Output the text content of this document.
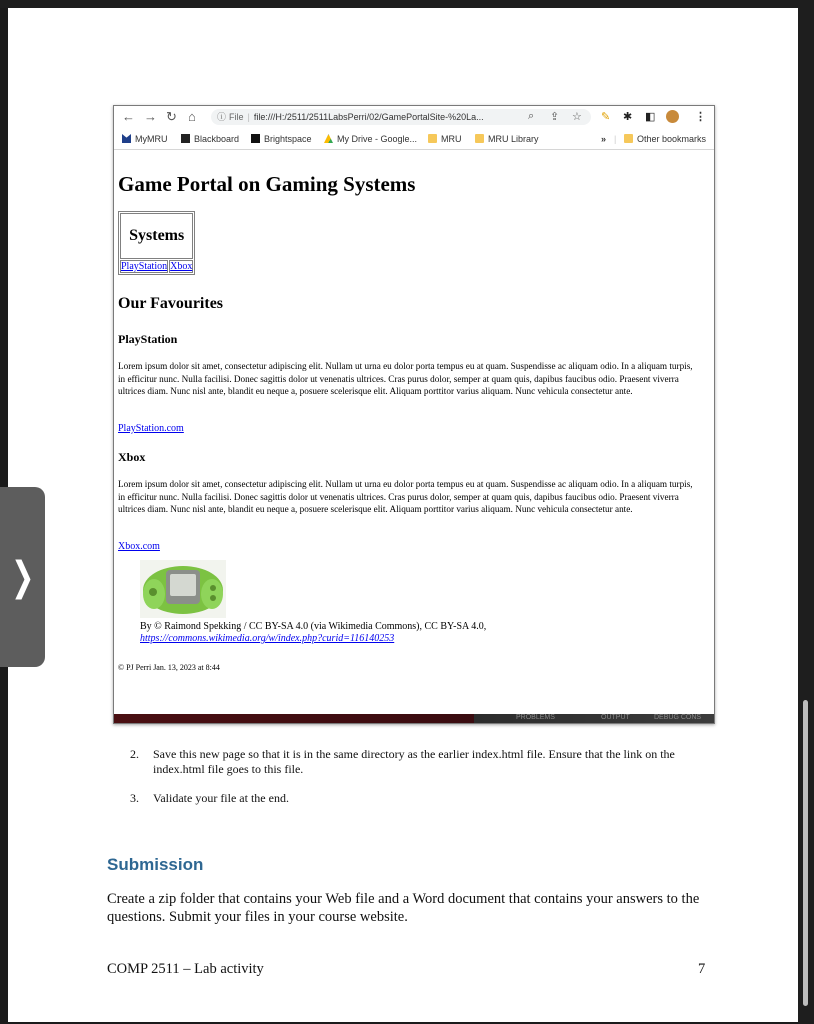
← → ↻ ⌂	ⓘ File | file:///H:/2511/2511LabsPerri/02/GamePortalSite-%20La...	⌕ ⇪ ☆ ✎ ✱ ◧	⋮
MyMRU	Blackboard	Brightspace	My Drive - Google...	MRU	MRU Library	» |	Other bookmarks
Game Portal on Gaming Systems
Systems
PlayStation	Xbox
Our Favourites
PlayStation
Lorem ipsum dolor sit amet, consectetur adipiscing elit. Nullam ut urna eu dolor porta tempus eu at quam. Suspendisse ac aliquam odio. In a aliquam turpis, in efficitur nunc. Nulla facilisi. Donec sagittis dolor ut venenatis ultrices. Cras purus dolor, semper at quam quis, dapibus faucibus odio. Praesent viverra ultrices diam. Nunc nisl ante, blandit eu neque a, posuere scelerisque elit. Aliquam porttitor varius aliquam. Nunc vehicula consectetur ante.
PlayStation.com
Xbox
Lorem ipsum dolor sit amet, consectetur adipiscing elit. Nullam ut urna eu dolor porta tempus eu at quam. Suspendisse ac aliquam odio. In a aliquam turpis, in efficitur nunc. Nulla facilisi. Donec sagittis dolor ut venenatis ultrices. Cras purus dolor, semper at quam quis, dapibus faucibus odio. Praesent viverra ultrices diam. Nunc nisl ante, blandit eu neque a, posuere scelerisque elit. Aliquam porttitor varius aliquam. Nunc vehicula consectetur ante.
Xbox.com
By © Raimond Spekking / CC BY-SA 4.0 (via Wikimedia Commons), CC BY-SA 4.0,
https://commons.wikimedia.org/w/index.php?curid=116140253
© PJ Perri Jan. 13, 2023 at 8:44
PROBLEMS	OUTPUT	DEBUG CONS
2. Save this new page so that it is in the same directory as the earlier index.html file. Ensure that the link on the index.html file goes to this file.
3. Validate your file at the end.
Submission
Create a zip folder that contains your Web file and a Word document that contains your answers to the questions. Submit your files in your course website.
COMP 2511 – Lab activity	7
❯
